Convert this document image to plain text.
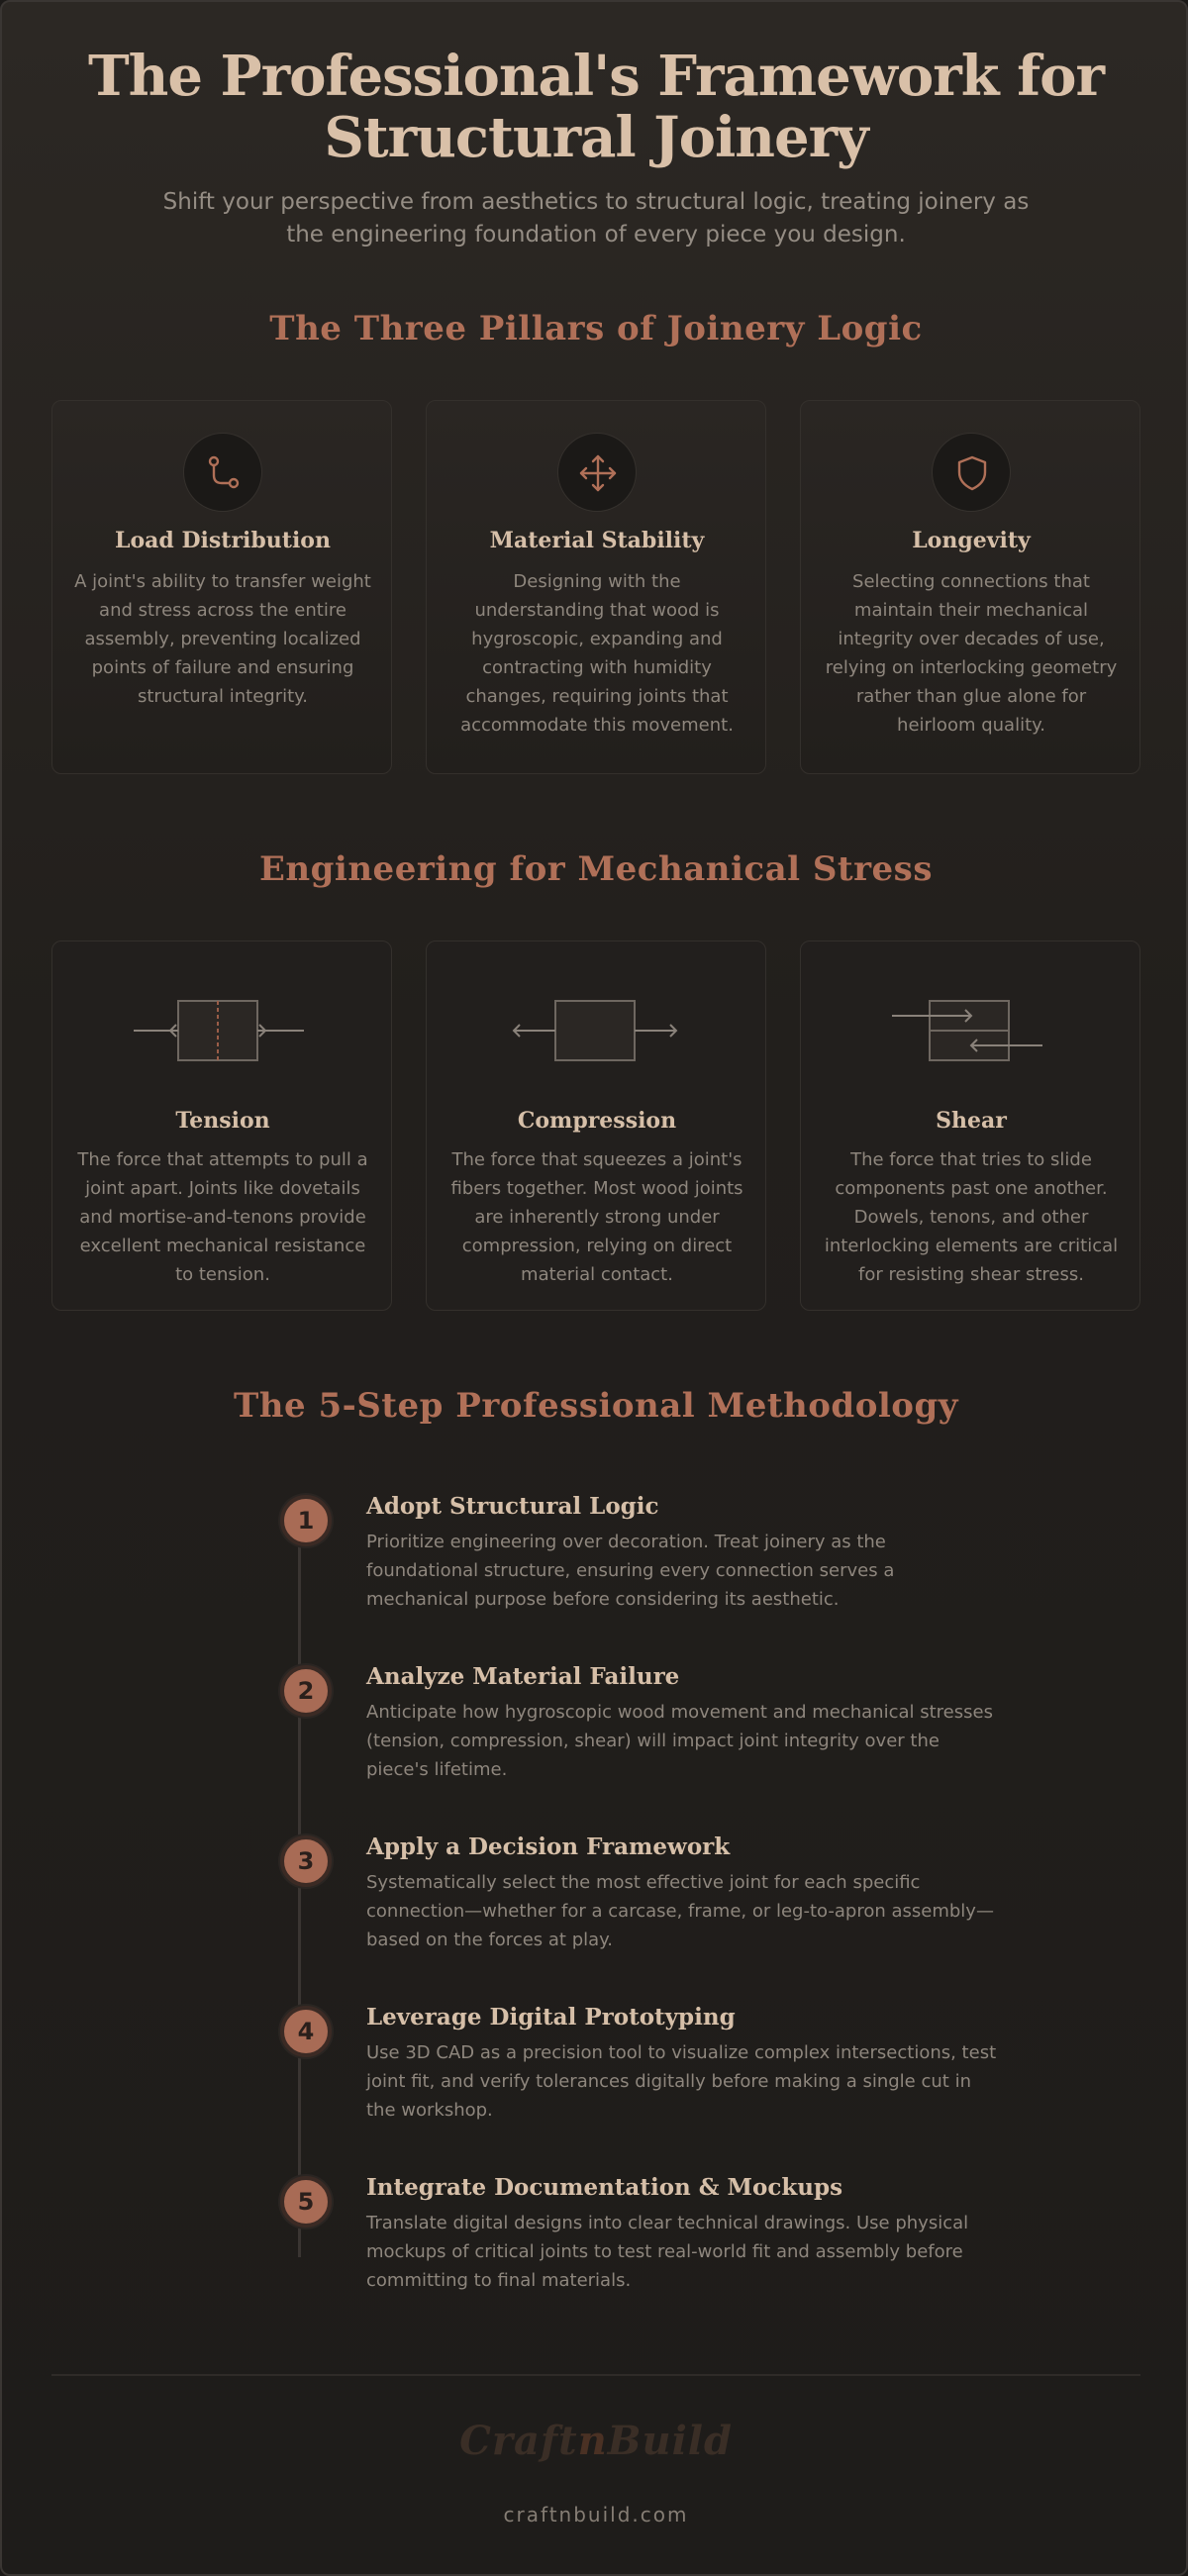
The Professional's Framework for Structural Joinery
Shift your perspective from aesthetics to structural logic, treating joinery as the engineering foundation of every piece you design.
The Three Pillars of Joinery Logic
Load Distribution
A joint's ability to transfer weight and stress across the entire assembly, preventing localized points of failure and ensuring structural integrity.
Material Stability
Designing with the understanding that wood is hygroscopic, expanding and contracting with humidity changes, requiring joints that accommodate this movement.
Longevity
Selecting connections that maintain their mechanical integrity over decades of use, relying on interlocking geometry rather than glue alone for heirloom quality.
Engineering for Mechanical Stress
Tension
The force that attempts to pull a joint apart. Joints like dovetails and mortise-and-tenons provide excellent mechanical resistance to tension.
Compression
The force that squeezes a joint's fibers together. Most wood joints are inherently strong under compression, relying on direct material contact.
Shear
The force that tries to slide components past one another. Dowels, tenons, and other interlocking elements are critical for resisting shear stress.
The 5-Step Professional Methodology
1
Adopt Structural Logic
Prioritize engineering over decoration. Treat joinery as the foundational structure, ensuring every connection serves a mechanical purpose before considering its aesthetic.
2
Analyze Material Failure
Anticipate how hygroscopic wood movement and mechanical stresses (tension, compression, shear) will impact joint integrity over the piece's lifetime.
3
Apply a Decision Framework
Systematically select the most effective joint for each specific connection—whether for a carcase, frame, or leg-to-apron assembly—based on the forces at play.
4
Leverage Digital Prototyping
Use 3D CAD as a precision tool to visualize complex intersections, test joint fit, and verify tolerances digitally before making a single cut in the workshop.
5
Integrate Documentation & Mockups
Translate digital designs into clear technical drawings. Use physical mockups of critical joints to test real-world fit and assembly before committing to final materials.
CraftnBuild
craftnbuild.com
